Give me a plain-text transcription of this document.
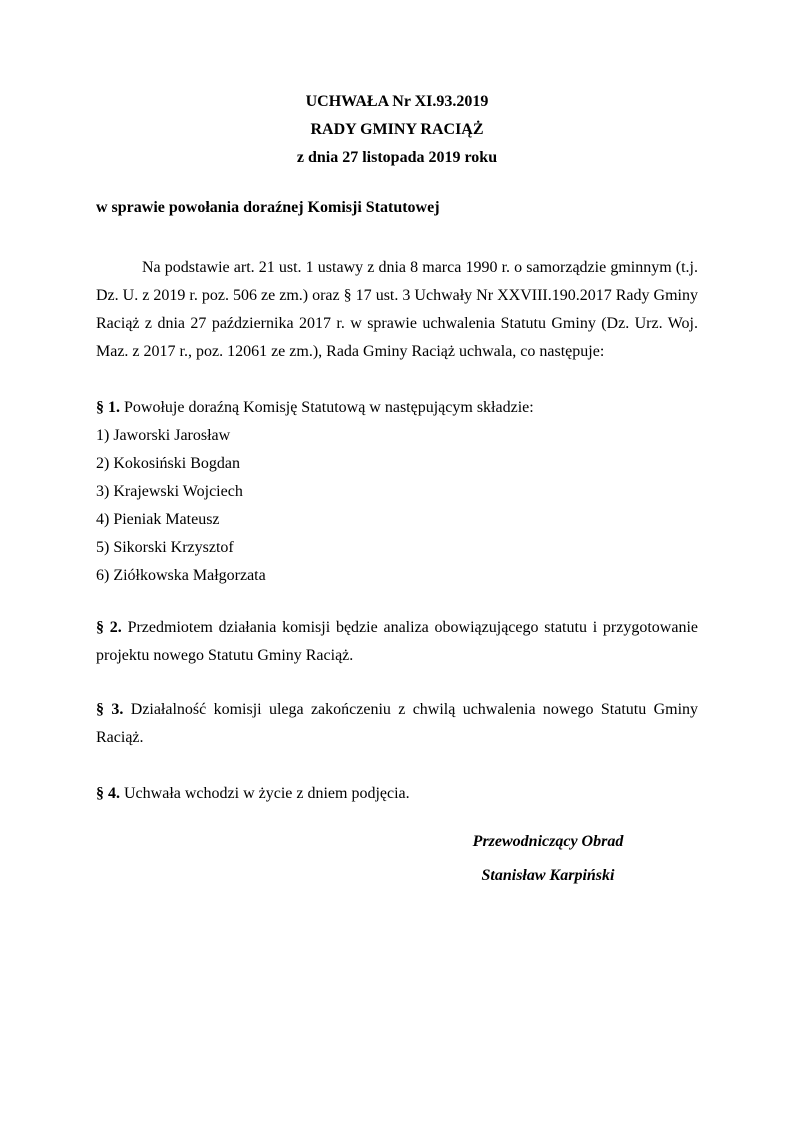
UCHWAŁA Nr XI.93.2019

RADY GMINY RACIĄŻ

z dnia 27 listopada 2019 roku

w sprawie powołania doraźnej Komisji Statutowej

Na podstawie art. 21 ust. 1 ustawy z dnia 8 marca 1990 r. o samorządzie gminnym (t.j. Dz. U. z 2019 r. poz. 506 ze zm.) oraz § 17 ust. 3 Uchwały Nr XXVIII.190.2017 Rady Gminy Raciąż z dnia 27 października 2017 r. w sprawie uchwalenia Statutu Gminy (Dz. Urz. Woj. Maz. z 2017 r., poz. 12061 ze zm.), Rada Gminy Raciąż uchwala, co następuje:

§ 1. Powołuje doraźną Komisję Statutową w następującym składzie:

1) Jaworski Jarosław

2) Kokosiński Bogdan

3) Krajewski Wojciech

4) Pieniak Mateusz

5) Sikorski Krzysztof

6) Ziółkowska Małgorzata

§ 2. Przedmiotem działania komisji będzie analiza obowiązującego statutu i przygotowanie projektu nowego Statutu Gminy Raciąż.

§ 3. Działalność komisji ulega zakończeniu z chwilą uchwalenia nowego Statutu Gminy Raciąż.

§ 4. Uchwała wchodzi w życie z dniem podjęcia.

Przewodniczący Obrad

Stanisław Karpiński
